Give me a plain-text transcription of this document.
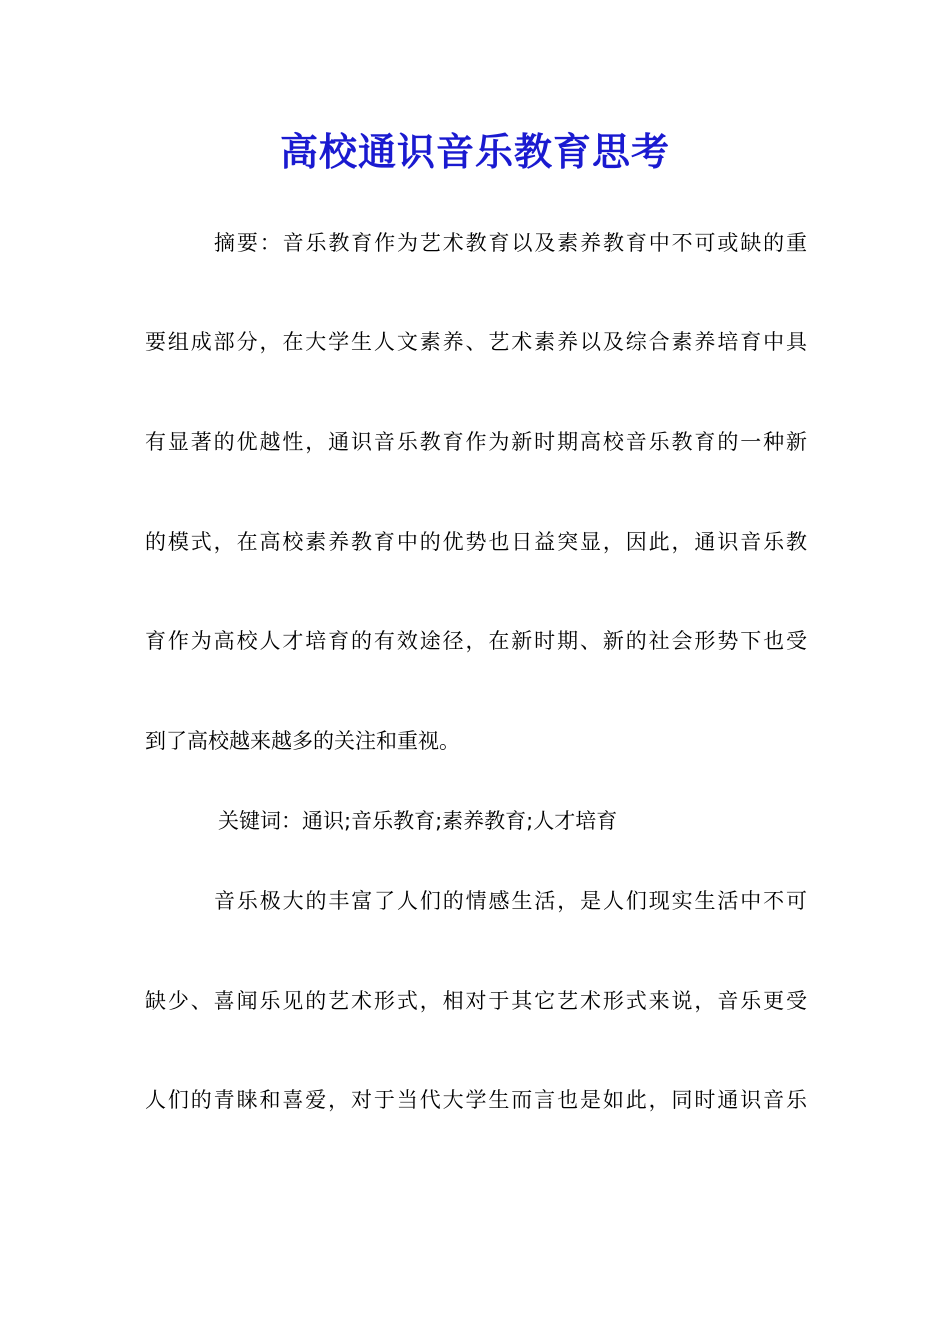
高校通识音乐教育思考
摘要：音乐教育作为艺术教育以及素养教育中不可或缺的重
要组成部分，在大学生人文素养、艺术素养以及综合素养培育中具
有显著的优越性，通识音乐教育作为新时期高校音乐教育的一种新
的模式，在高校素养教育中的优势也日益突显，因此，通识音乐教
育作为高校人才培育的有效途径，在新时期、新的社会形势下也受
到了高校越来越多的关注和重视。
关键词：通识;音乐教育;素养教育;人才培育
音乐极大的丰富了人们的情感生活，是人们现实生活中不可
缺少、喜闻乐见的艺术形式，相对于其它艺术形式来说，音乐更受
人们的青睐和喜爱，对于当代大学生而言也是如此，同时通识音乐
